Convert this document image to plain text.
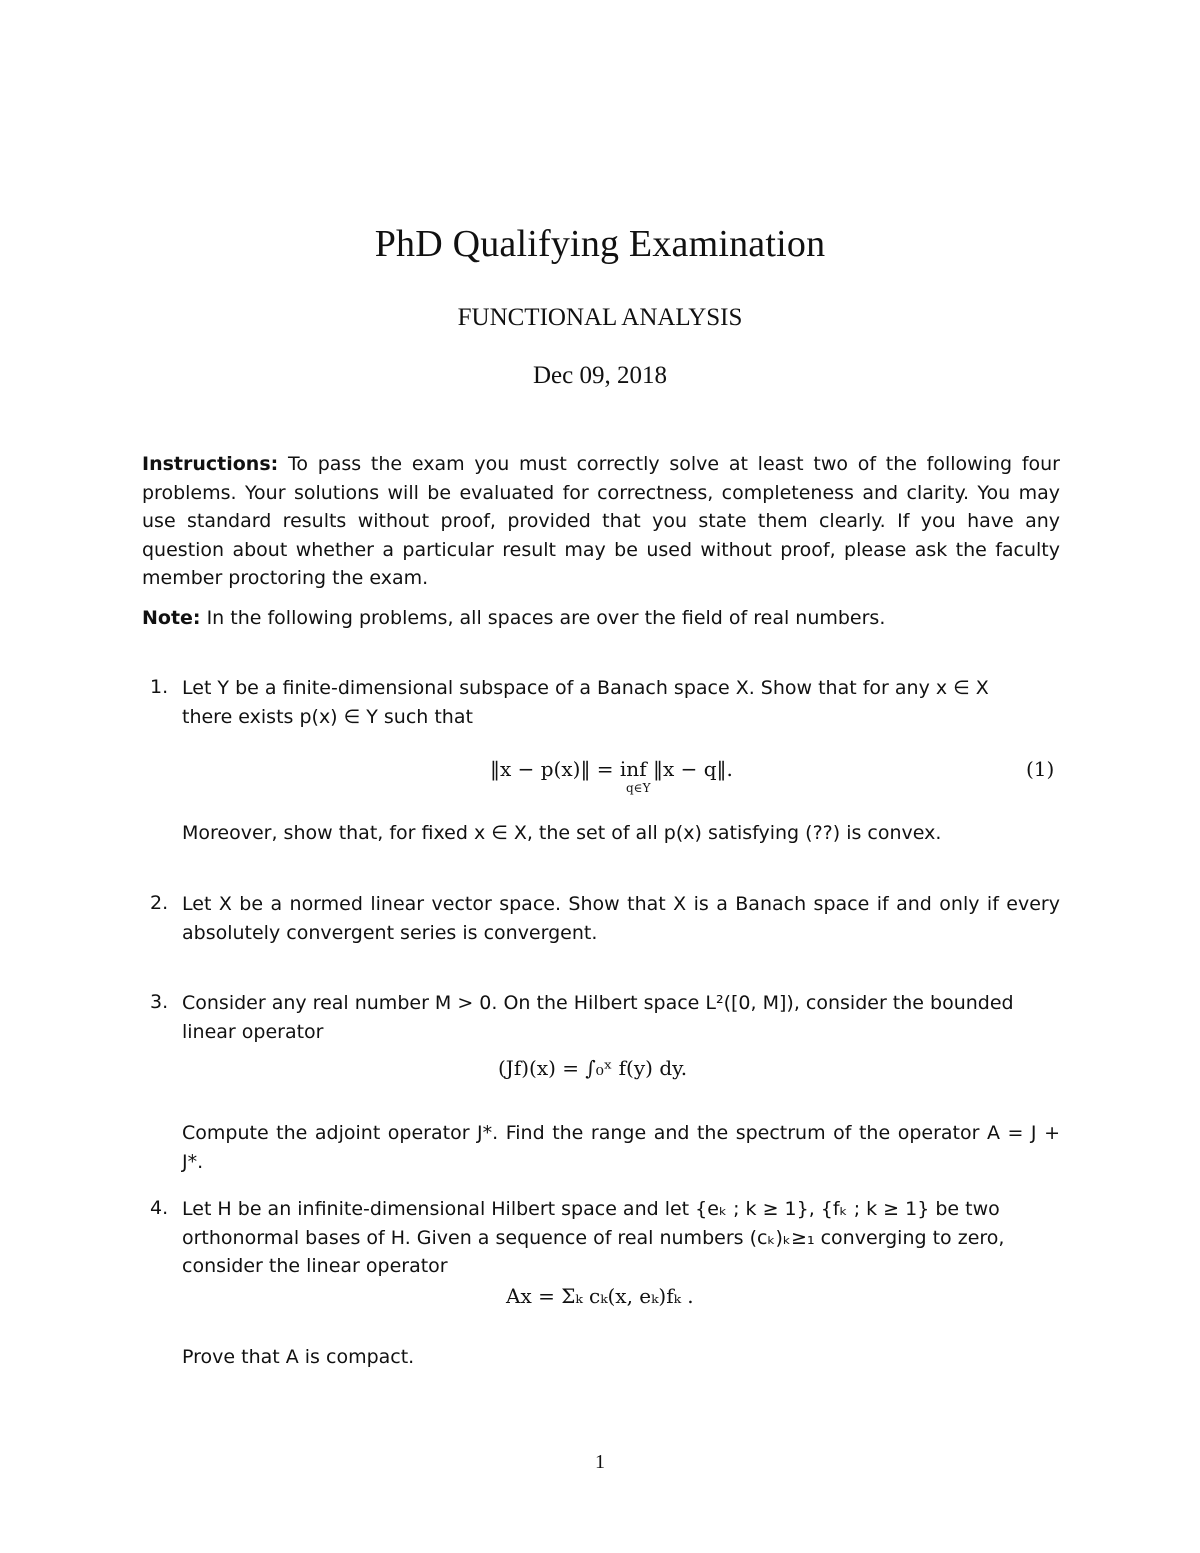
PhD Qualifying Examination
FUNCTIONAL ANALYSIS
Dec 09, 2018
Instructions: To pass the exam you must correctly solve at least two of the following four problems. Your solutions will be evaluated for correctness, completeness and clarity. You may use standard results without proof, provided that you state them clearly. If you have any question about whether a particular result may be used without proof, please ask the faculty member proctoring the exam.
Note: In the following problems, all spaces are over the field of real numbers.
1. Let Y be a finite-dimensional subspace of a Banach space X. Show that for any x ∈ X
there exists p(x) ∈ Y such that
‖x − p(x)‖ = inf ‖x − q‖.
q∈Y
(1)
Moreover, show that, for fixed x ∈ X, the set of all p(x) satisfying (??) is convex.
2. Let X be a normed linear vector space. Show that X is a Banach space if and only if every absolutely convergent series is convergent.
3. Consider any real number M > 0. On the Hilbert space L²([0, M]), consider the bounded
linear operator
(Jf)(x) = ∫₀ˣ f(y) dy.
Compute the adjoint operator J*. Find the range and the spectrum of the operator A = J + J*.
4. Let H be an infinite-dimensional Hilbert space and let {eₖ ; k ≥ 1}, {fₖ ; k ≥ 1} be two
orthonormal bases of H. Given a sequence of real numbers (cₖ)ₖ≥₁ converging to zero,
consider the linear operator
Ax = Σₖ cₖ(x, eₖ)fₖ .
Prove that A is compact.
1
